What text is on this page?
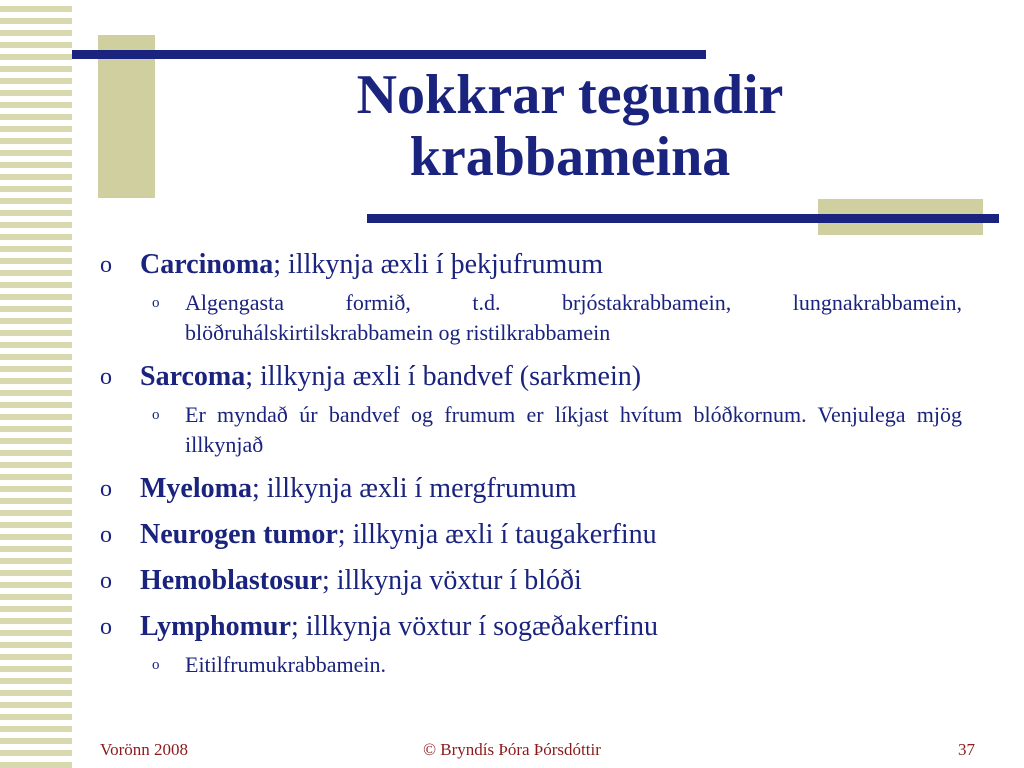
Nokkrar tegundir
krabbameina
o Carcinoma; illkynja æxli í þekjufrumum
o Algengasta formið, t.d. brjóstakrabbamein, lungnakrabbamein, blöðruhálskirtilskrabbamein og ristilkrabbamein
o Sarcoma; illkynja æxli í bandvef (sarkmein)
o Er myndað úr bandvef og frumum er líkjast hvítum blóðkornum. Venjulega mjög illkynjað
o Myeloma; illkynja æxli í mergfrumum
o Neurogen tumor; illkynja æxli í taugakerfinu
o Hemoblastosur; illkynja vöxtur í blóði
o Lymphomur; illkynja vöxtur í sogæðakerfinu
o Eitilfrumukrabbamein.
Vorönn 2008	© Bryndís Þóra Þórsdóttir	37
